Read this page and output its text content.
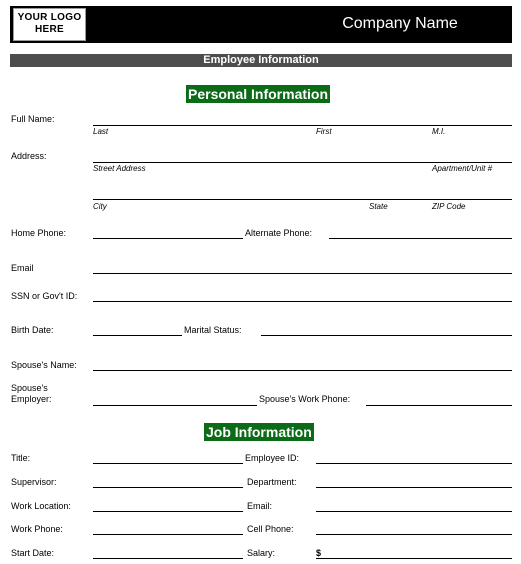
YOUR LOGO HERE	Company Name
Employee Information
Personal Information
Full Name:
Last	First	M.I.
Address:
Street Address	Apartment/Unit #
City	State	ZIP Code
Home Phone:	Alternate Phone:
Email
SSN or Gov't ID:
Birth Date:	Marital Status:
Spouse's Name:
Spouse's
Employer:	Spouse's Work Phone:
Job Information
Title:	Employee ID:
Supervisor:	Department:
Work Location:	Email:
Work Phone:	Cell Phone:
Start Date:	Salary:	$
